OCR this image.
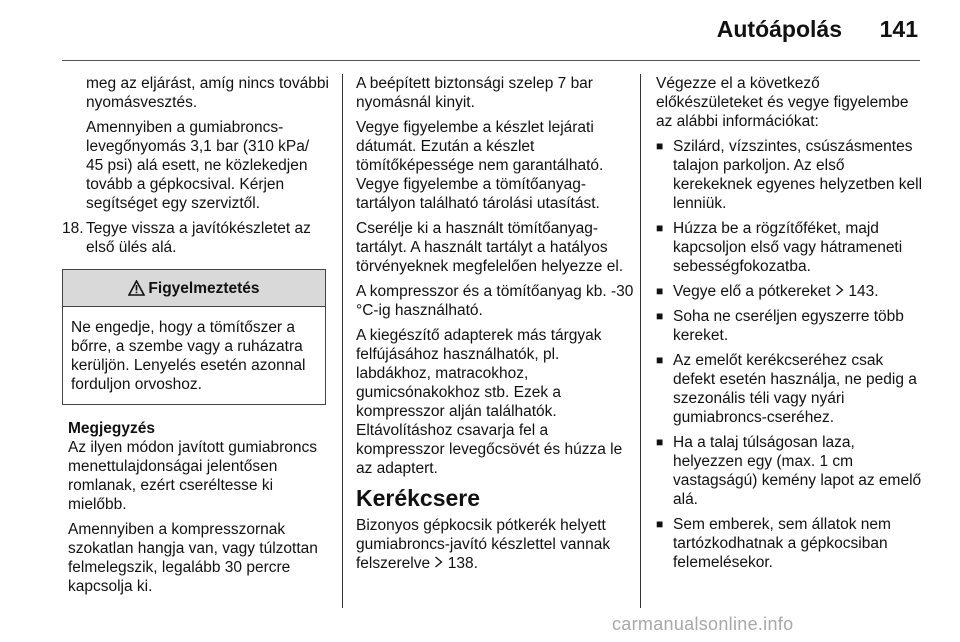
Autóápolás 141

meg az eljárást, amíg nincs további nyomásvesztés.

Amennyiben a gumiabroncs-levegőnyomás 3,1 bar (310 kPa/ 45 psi) alá esett, ne közlekedjen tovább a gépkocsival. Kérjen segítséget egy szerviztől.

18. Tegye vissza a javítókészletet az első ülés alá.
Figyelmeztetés
Ne engedje, hogy a tömítőszer a bőrre, a szembe vagy a ruházatra kerüljön. Lenyelés esetén azonnal forduljon orvoshoz.

Megjegyzés

Az ilyen módon javított gumiabroncs menettulajdonságai jelentősen romlanak, ezért cseréltesse ki mielőbb.

Amennyiben a kompresszornak szokatlan hangja van, vagy túlzottan felmelegszik, legalább 30 percre kapcsolja ki.

A beépített biztonsági szelep 7 bar nyomásnál kinyit.

Vegye figyelembe a készlet lejárati dátumát. Ezután a készlet tömítőképessége nem garantálható. Vegye figyelembe a tömítőanyag-tartályon található tárolási utasítást.

Cserélje ki a használt tömítőanyag-tartályt. A használt tartályt a hatályos törvényeknek megfelelően helyezze el.

A kompresszor és a tömítőanyag kb. -30 °C-ig használható.

A kiegészítő adapterek más tárgyak felfújásához használhatók, pl. labdákhoz, matracokhoz, gumicsónakokhoz stb. Ezek a kompresszor alján találhatók. Eltávolításhoz csavarja fel a kompresszor levegőcsövét és húzza le az adaptert.

Kerékcsere

Bizonyos gépkocsik pótkerék helyett gumiabroncs-javító készlettel vannak felszerelve 138.

Végezze el a következő előkészületeket és vegye figyelembe az alábbi információkat:

■ Szilárd, vízszintes, csúszásmentes talajon parkoljon. Az első kerekeknek egyenes helyzetben kell lenniük.
■ Húzza be a rögzítőféket, majd kapcsoljon első vagy hátrameneti sebességfokozatba.
■ Vegye elő a pótkereket 143.
■ Soha ne cseréljen egyszerre több kereket.
■ Az emelőt kerékcseréhez csak defekt esetén használja, ne pedig a szezonális téli vagy nyári gumiabroncs-cseréhez.
■ Ha a talaj túlságosan laza, helyezzen egy (max. 1 cm vastagságú) kemény lapot az emelő alá.
■ Sem emberek, sem állatok nem tartózkodhatnak a gépkocsiban felemelésekor.
carmanualsonline.info
